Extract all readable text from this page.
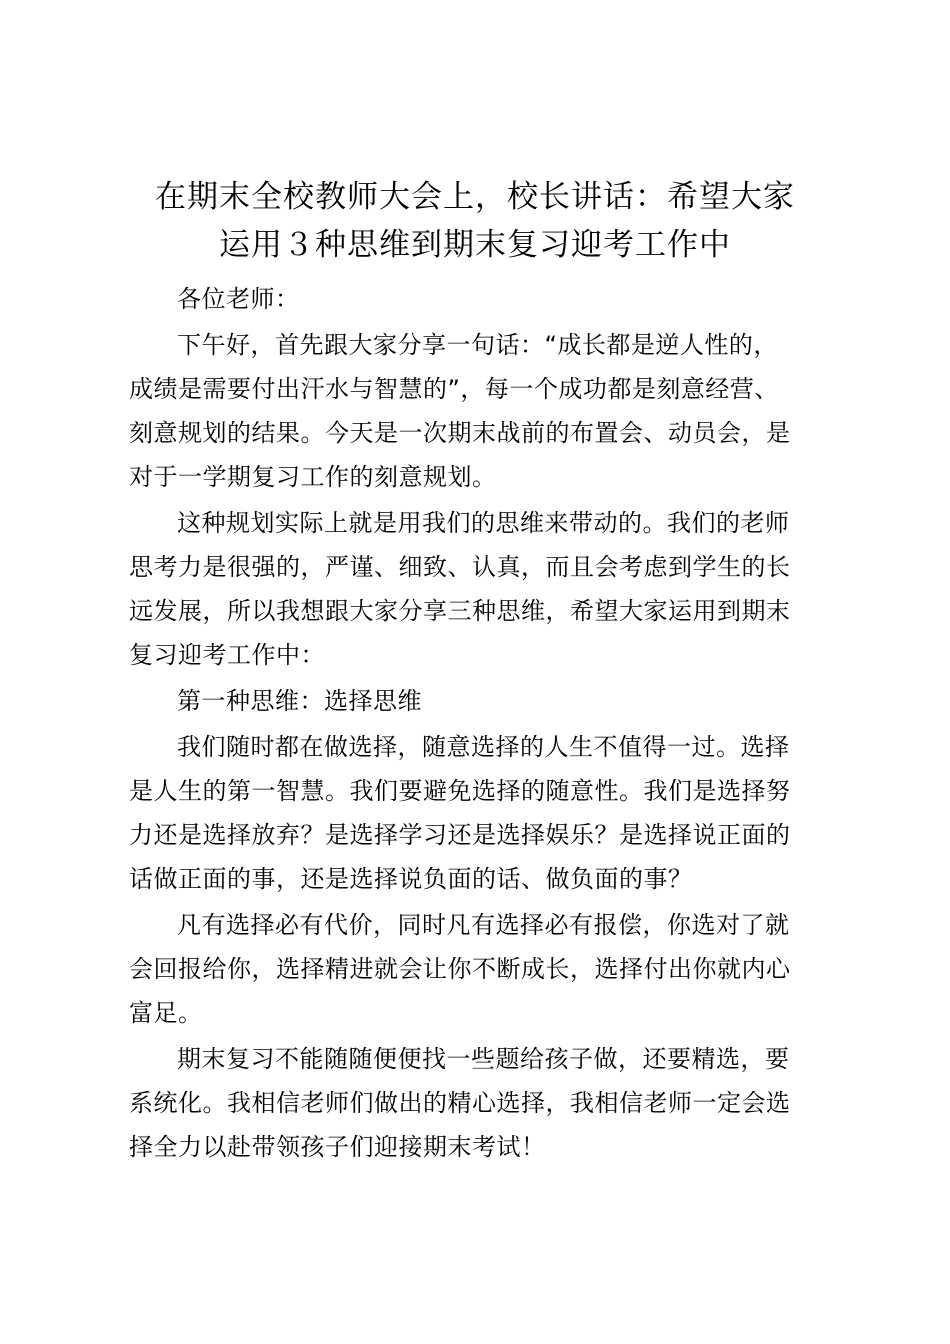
在期末全校教师大会上，校长讲话：希望大家
运用３种思维到期末复习迎考工作中

各位老师：

下午好，首先跟大家分享一句话：“成长都是逆人性的，
成绩是需要付出汗水与智慧的”，每一个成功都是刻意经营、
刻意规划的结果。今天是一次期末战前的布置会、动员会，是
对于一学期复习工作的刻意规划。

这种规划实际上就是用我们的思维来带动的。我们的老师
思考力是很强的，严谨、细致、认真，而且会考虑到学生的长
远发展，所以我想跟大家分享三种思维，希望大家运用到期末
复习迎考工作中：

第一种思维：选择思维

我们随时都在做选择，随意选择的人生不值得一过。选择
是人生的第一智慧。我们要避免选择的随意性。我们是选择努
力还是选择放弃？是选择学习还是选择娱乐？是选择说正面的
话做正面的事，还是选择说负面的话、做负面的事？

凡有选择必有代价，同时凡有选择必有报偿，你选对了就
会回报给你，选择精进就会让你不断成长，选择付出你就内心
富足。

期末复习不能随随便便找一些题给孩子做，还要精选，要
系统化。我相信老师们做出的精心选择，我相信老师一定会选
择全力以赴带领孩子们迎接期末考试！
